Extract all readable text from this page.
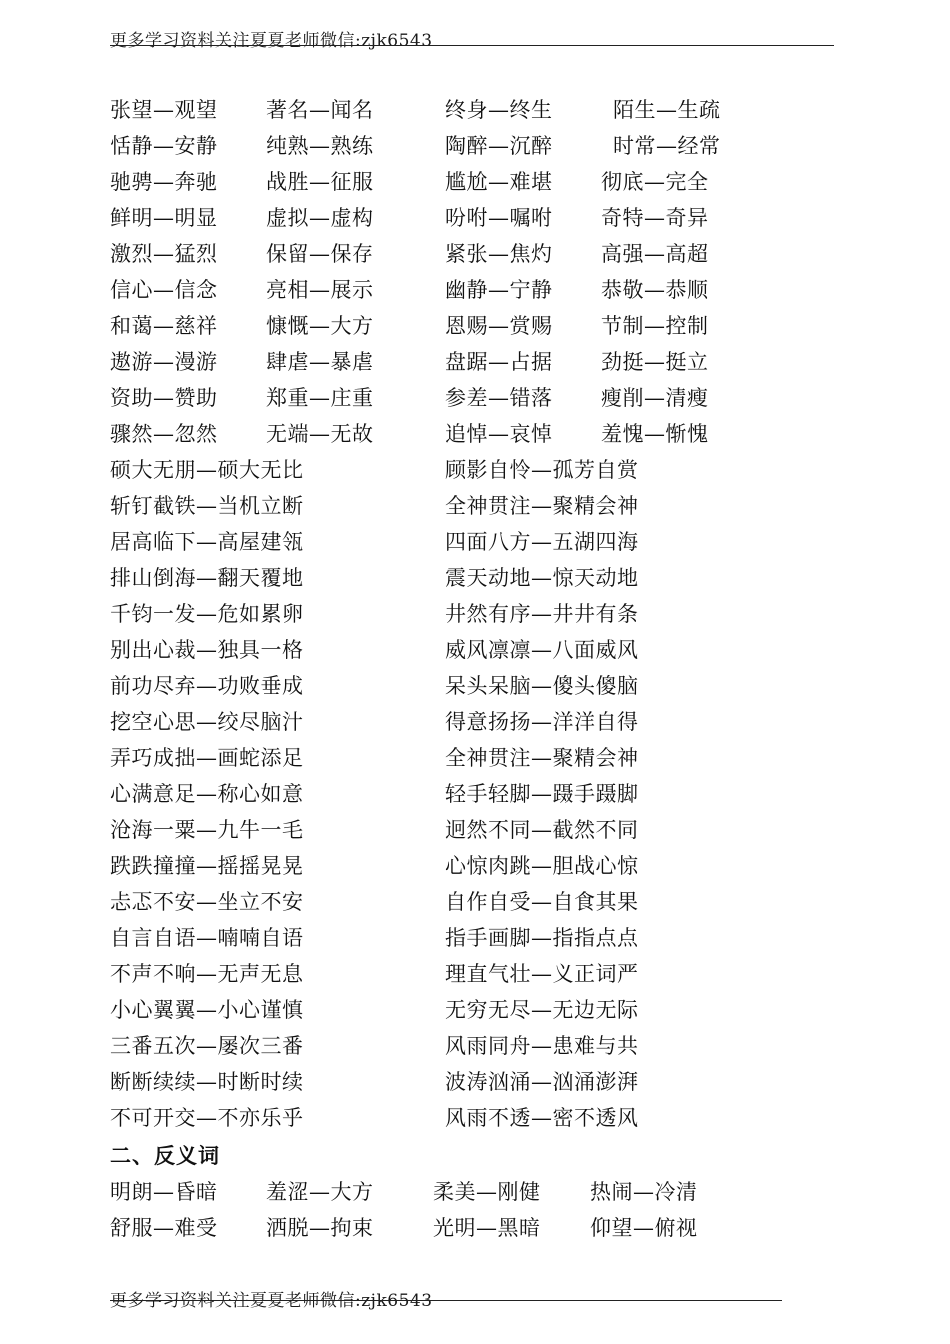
更多学习资料关注夏夏老师微信:zjk6543
张望—观望 著名—闻名	终身—终生	陌生—生疏
恬静—安静 纯熟—熟练	陶醉—沉醉	时常—经常
驰骋—奔驰 战胜—征服	尴尬—难堪 彻底—完全
鲜明—明显 虚拟—虚构	吩咐—嘱咐 奇特—奇异
激烈—猛烈 保留—保存	紧张—焦灼 高强—高超
信心—信念 亮相—展示	幽静—宁静 恭敬—恭顺
和蔼—慈祥 慷慨—大方	恩赐—赏赐 节制—控制
遨游—漫游 肆虐—暴虐	盘踞—占据 劲挺—挺立
资助—赞助 郑重—庄重	参差—错落 瘦削—清瘦
骤然—忽然 无端—无故	追悼—哀悼 羞愧—惭愧
硕大无朋—硕大无比	顾影自怜—孤芳自赏
斩钉截铁—当机立断	全神贯注—聚精会神
居高临下—高屋建瓴	四面八方—五湖四海
排山倒海—翻天覆地	震天动地—惊天动地
千钧一发—危如累卵	井然有序—井井有条
别出心裁—独具一格	威风凛凛—八面威风
前功尽弃—功败垂成	呆头呆脑—傻头傻脑
挖空心思—绞尽脑汁	得意扬扬—洋洋自得
弄巧成拙—画蛇添足	全神贯注—聚精会神
心满意足—称心如意	轻手轻脚—蹑手蹑脚
沧海一粟—九牛一毛	迥然不同—截然不同
跌跌撞撞—摇摇晃晃	心惊肉跳—胆战心惊
忐忑不安—坐立不安	自作自受—自食其果
自言自语—喃喃自语	指手画脚—指指点点
不声不响—无声无息	理直气壮—义正词严
小心翼翼—小心谨慎	无穷无尽—无边无际
三番五次—屡次三番	风雨同舟—患难与共
断断续续—时断时续	波涛汹涌—汹涌澎湃
不可开交—不亦乐乎	风雨不透—密不透风
二、反义词
明朗—昏暗 羞涩—大方	柔美—刚健 热闹—冷清
舒服—难受 洒脱—拘束	光明—黑暗 仰望—俯视
更多学习资料关注夏夏老师微信:zjk6543
